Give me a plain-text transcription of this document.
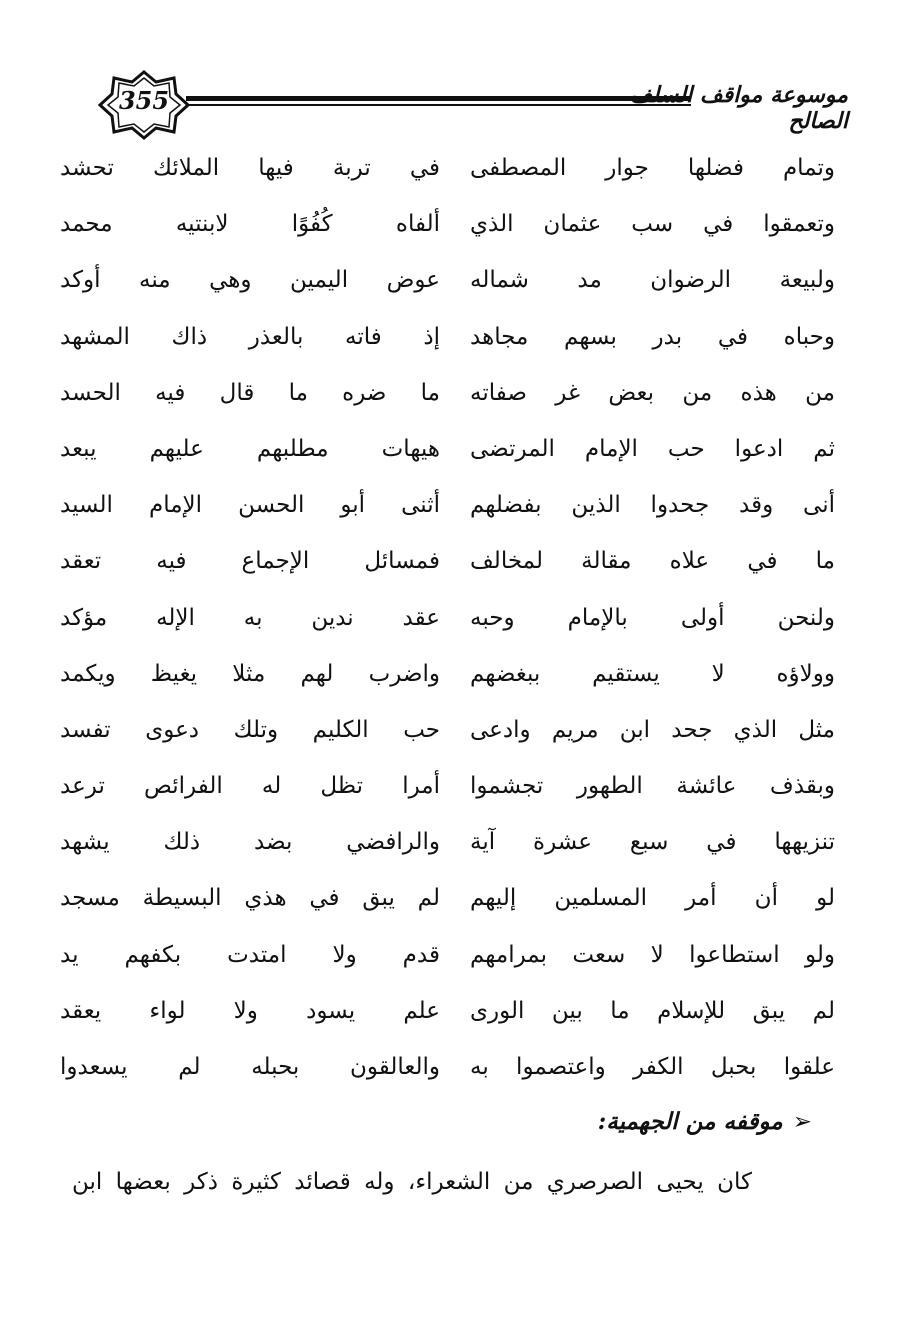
355	موسوعة مواقف السلف الصالح
وتمام فضلها جوار المصطفى
وتعمقوا في سب عثمان الذي
ولبيعة الرضوان مد شماله
وحباه في بدر بسهم مجاهد
من هذه من بعض غر صفاته
ثم ادعوا حب الإمام المرتضى
أنى وقد جحدوا الذين بفضلهم
ما في علاه مقالة لمخالف
ولنحن أولى بالإمام وحبه
وولاؤه لا يستقيم ببغضهم
مثل الذي جحد ابن مريم وادعى
وبقذف عائشة الطهور تجشموا
تنزيهها في سبع عشرة آية
لو أن أمر المسلمين إليهم
ولو استطاعوا لا سعت بمرامهم
لم يبق للإسلام ما بين الورى
علقوا بحبل الكفر واعتصموا به
في تربة فيها الملائك تحشد
ألفاه كُفُوًا لابنتيه محمد
عوض اليمين وهي منه أوكد
إذ فاته بالعذر ذاك المشهد
ما ضره ما قال فيه الحسد
هيهات مطلبهم عليهم يبعد
أثنى أبو الحسن الإمام السيد
فمسائل الإجماع فيه تعقد
عقد ندين به الإله مؤكد
واضرب لهم مثلا يغيظ ويكمد
حب الكليم وتلك دعوى تفسد
أمرا تظل له الفرائص ترعد
والرافضي بضد ذلك يشهد
لم يبق في هذي البسيطة مسجد
قدم ولا امتدت بكفهم يد
علم يسود ولا لواء يعقد
والعالقون بحبله لم يسعدوا
➢موقفه من الجهمية:
كان يحيى الصرصري من الشعراء، وله قصائد كثيرة ذكر بعضها ابن
